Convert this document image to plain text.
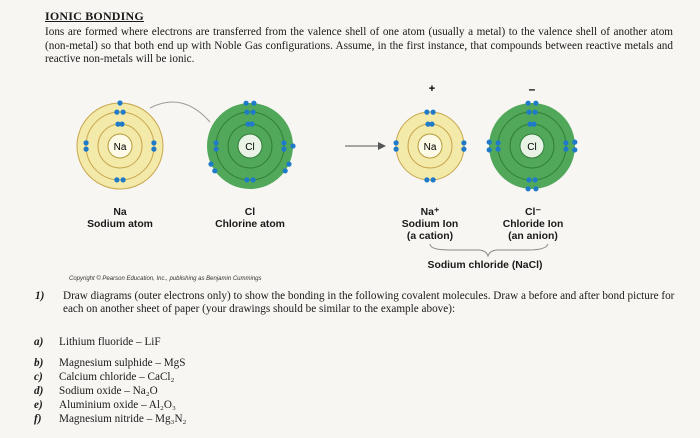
IONIC BONDING
Ions are formed where electrons are transferred from the valence shell of one atom (usually a metal) to the valence shell of another atom (non-metal) so that both end up with Noble Gas configurations. Assume, in the first instance, that compounds between reactive metals and reactive non-metals will be ionic.
Na	Cl
+
Na
–
Cl
Na
Sodium atom
Cl
Chlorine atom
Na⁺
Sodium Ion
(a cation)
Cl⁻
Chloride Ion
(an anion)
Sodium chloride (NaCl)
Copyright © Pearson Education, Inc., publishing as Benjamin Cummings
1) Draw diagrams (outer electrons only) to show the bonding in the following covalent molecules. Draw a before and after bond picture for each on another sheet of paper (your drawings should be similar to the example above):
a) Lithium fluoride – LiF
b) Magnesium sulphide – MgS
c) Calcium chloride – CaCl₂
d) Sodium oxide – Na₂O
e) Aluminium oxide – Al₂O₃
f) Magnesium nitride – Mg₃N₂
